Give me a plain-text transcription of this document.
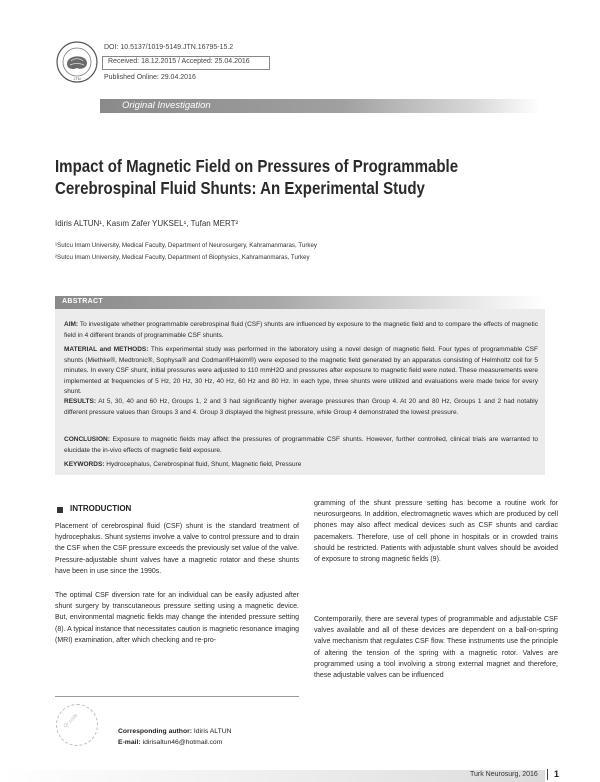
JTN
DOI: 10.5137/1019-5149.JTN.16795-15.2
Received: 18.12.2015 / Accepted: 25.04.2016
Published Online: 29.04.2016
Original Investigation
Impact of Magnetic Field on Pressures of Programmable
Cerebrospinal Fluid Shunts: An Experimental Study
Idiris ALTUN¹, Kasım Zafer YUKSEL¹, Tufan MERT²
¹Sutcu Imam University, Medical Faculty, Department of Neurosurgery, Kahramanmaras, Turkey
²Sutcu Imam University, Medical Faculty, Department of Biophysics, Kahramanmaras, Turkey
ABSTRACT
AIM: To investigate whether programmable cerebrospinal fluid (CSF) shunts are influenced by exposure to the magnetic field and to compare the effects of magnetic field in 4 different brands of programmable CSF shunts.
MATERIAL and METHODS: This experimental study was performed in the laboratory using a novel design of magnetic field. Four types of programmable CSF shunts (Miethke®, Medtronic®, Sophysa® and Codman®Hakim®) were exposed to the magnetic field generated by an apparatus consisting of Helmholtz coil for 5 minutes. In every CSF shunt, initial pressures were adjusted to 110 mmH2O and pressures after exposure to magnetic field were noted. These measurements were implemented at frequencies of 5 Hz, 20 Hz, 30 Hz, 40 Hz, 60 Hz and 80 Hz. In each type, three shunts were utilized and evaluations were made twice for every shunt.
RESULTS: At 5, 30, 40 and 60 Hz, Groups 1, 2 and 3 had significantly higher average pressures than Group 4. At 20 and 80 Hz, Groups 1 and 2 had notably different pressure values than Groups 3 and 4. Group 3 displayed the highest pressure, while Group 4 demonstrated the lowest pressure.
CONCLUSION: Exposure to magnetic fields may affect the pressures of programmable CSF shunts. However, further controlled, clinical trials are warranted to elucidate the in-vivo effects of magnetic field exposure.
KEYWORDS: Hydrocephalus, Cerebrospinal fluid, Shunt, Magnetic field, Pressure
INTRODUCTION
Placement of cerebrospinal fluid (CSF) shunt is the standard treatment of hydrocephalus. Shunt systems involve a valve to control pressure and to drain the CSF when the CSF pressure exceeds the previously set value of the valve. Pressure-adjustable shunt valves have a magnetic rotator and these shunts have been in use since the 1990s.
The optimal CSF diversion rate for an individual can be easily adjusted after shunt surgery by transcutaneous pressure setting using a magnetic device. But, environmental magnetic fields may change the intended pressure setting (8). A typical instance that necessitates caution is magnetic resonance imaging (MRI) examination, after which checking and re-pro-
gramming of the shunt pressure setting has become a routine work for neurosurgeons. In addition, electromagnetic waves which are produced by cell phones may also affect medical devices such as CSF shunts and cardiac pacemakers. Therefore, use of cell phone in hospitals or in crowded trains should be restricted. Patients with adjustable shunt valves should be avoided of exposure to strong magnetic fields (9).
Contemporarily, there are several types of programmable and adjustable CSF valves available and all of these devices are dependent on a ball-on-spring valve mechanism that regulates CSF flow. These instruments use the principle of altering the tension of the spring with a magnetic rotor. Valves are programmed using a tool involving a strong external magnet and therefore, these adjustable valves can be influenced
Qr code
Corresponding author: Idiris ALTUN
E-mail: idirisaltun46@hotmail.com
Turk Neurosurg, 2016 1
